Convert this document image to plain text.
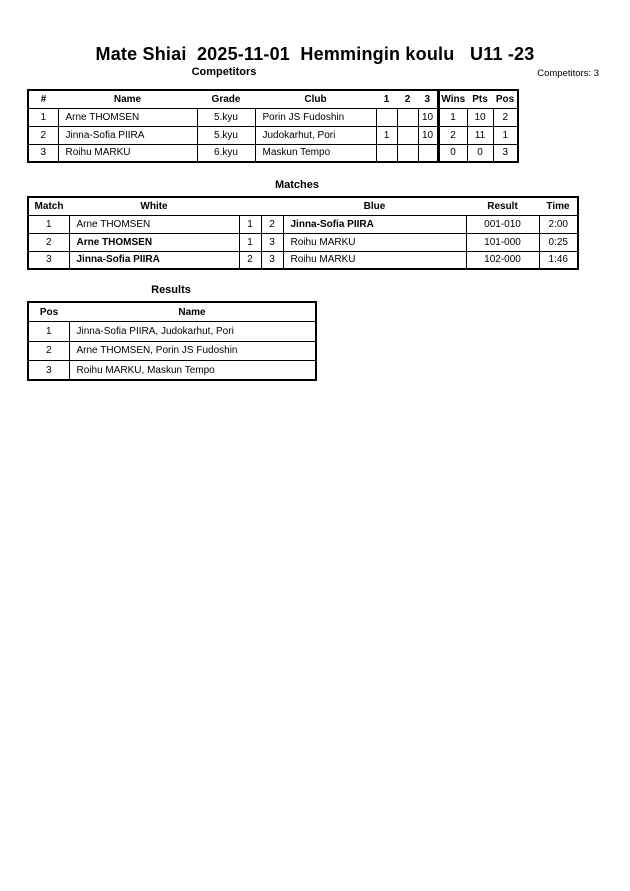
Mate Shiai  2025-11-01  Hemmingin koulu   U11 -23
Competitors	Competitors: 3
#	Name	Grade	Club	1	2	3	Wins	Pts	Pos
1	Arne THOMSEN	5.kyu	Porin JS Fudoshin			10	1	10	2
2	Jinna-Sofia PIIRA	5.kyu	Judokarhut, Pori	1		10	2	11	1
3	Roihu MARKU	6.kyu	Maskun Tempo				0	0	3
Matches
Match	White			Blue	Result	Time
1	Arne THOMSEN	1	2	Jinna-Sofia PIIRA	001-010	2:00
2	Arne THOMSEN	1	3	Roihu MARKU	101-000	0:25
3	Jinna-Sofia PIIRA	2	3	Roihu MARKU	102-000	1:46
Results
Pos	Name
1	Jinna-Sofia PIIRA, Judokarhut, Pori
2	Arne THOMSEN, Porin JS Fudoshin
3	Roihu MARKU, Maskun Tempo
